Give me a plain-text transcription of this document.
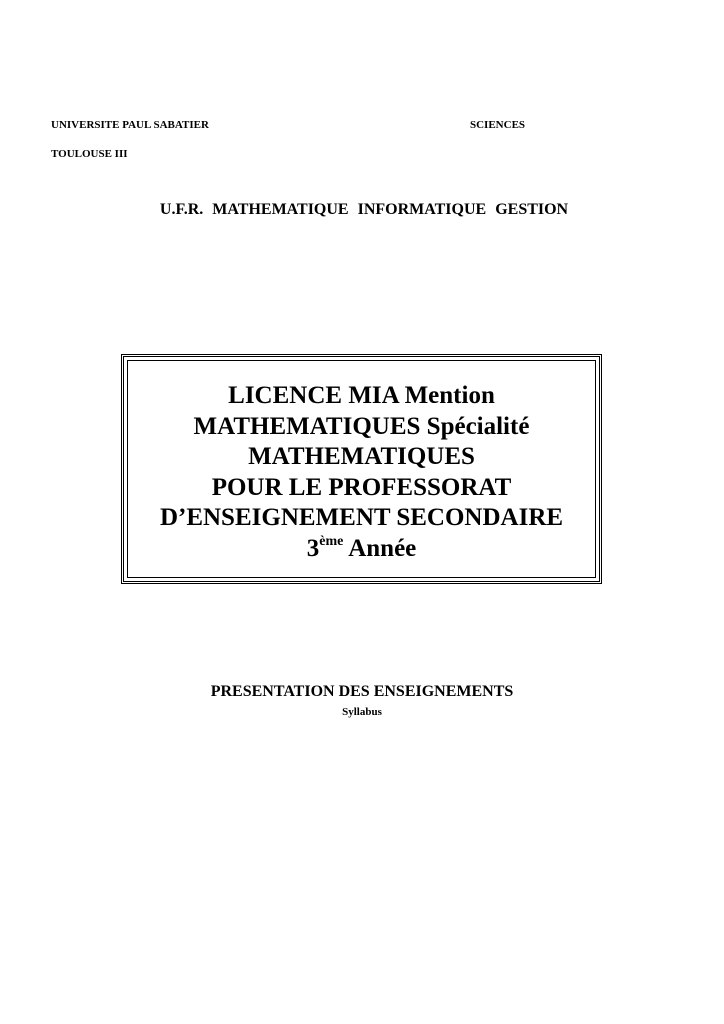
UNIVERSITE PAUL SABATIER	SCIENCES
TOULOUSE III
U.F.R. MATHEMATIQUE INFORMATIQUE GESTION
LICENCE MIA Mention
MATHEMATIQUES Spécialité
MATHEMATIQUES
POUR LE PROFESSORAT
D’ENSEIGNEMENT SECONDAIRE
3ème Année
PRESENTATION DES ENSEIGNEMENTS
Syllabus
